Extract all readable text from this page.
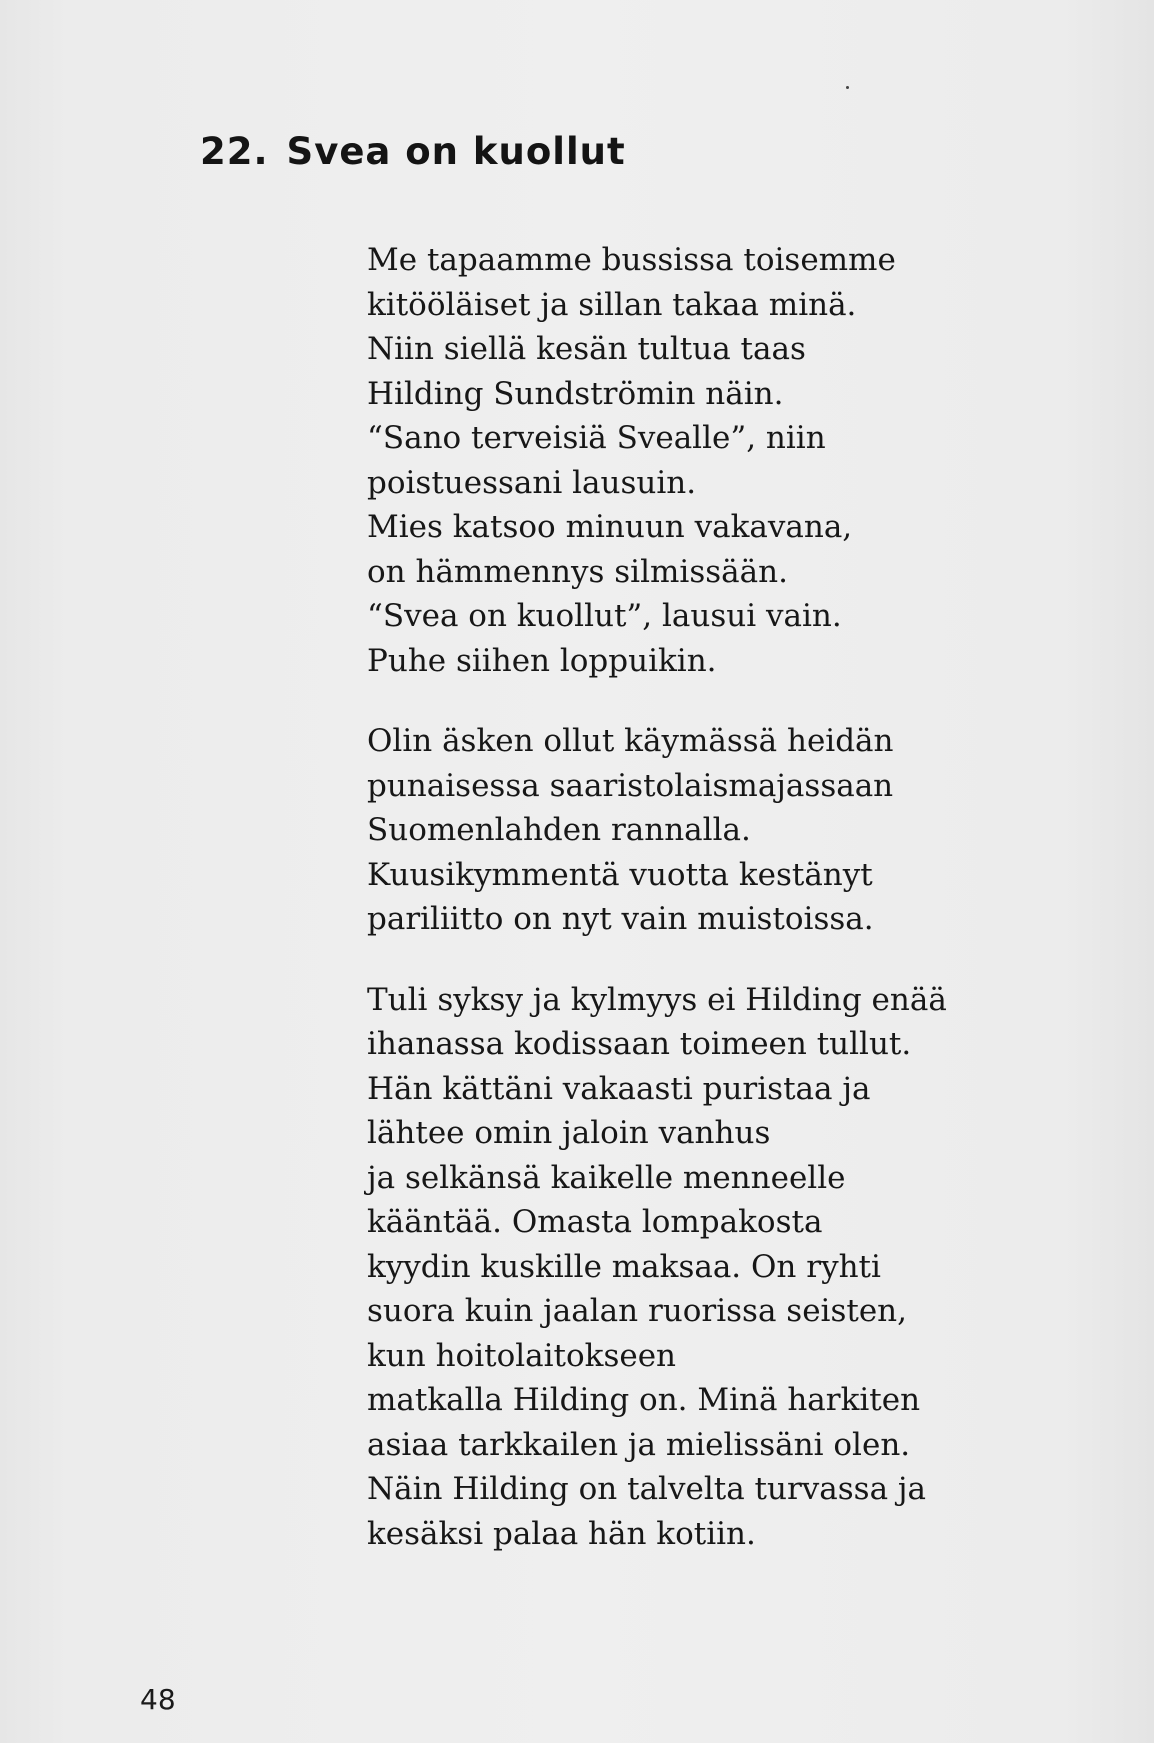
22. Svea on kuollut
Me tapaamme bussissa toisemme
kitööläiset ja sillan takaa minä.
Niin siellä kesän tultua taas
Hilding Sundströmin näin.
“Sano terveisiä Svealle”, niin
poistuessani lausuin.
Mies katsoo minuun vakavana,
on hämmennys silmissään.
“Svea on kuollut”, lausui vain.
Puhe siihen loppuikin.
Olin äsken ollut käymässä heidän
punaisessa saaristolaismajassaan
Suomenlahden rannalla.
Kuusikymmentä vuotta kestänyt
pariliitto on nyt vain muistoissa.
Tuli syksy ja kylmyys ei Hilding enää
ihanassa kodissaan toimeen tullut.
Hän kättäni vakaasti puristaa ja
lähtee omin jaloin vanhus
ja selkänsä kaikelle menneelle
kääntää. Omasta lompakosta
kyydin kuskille maksaa. On ryhti
suora kuin jaalan ruorissa seisten,
kun hoitolaitokseen
matkalla Hilding on. Minä harkiten
asiaa tarkkailen ja mielissäni olen.
Näin Hilding on talvelta turvassa ja
kesäksi palaa hän kotiin.
48
